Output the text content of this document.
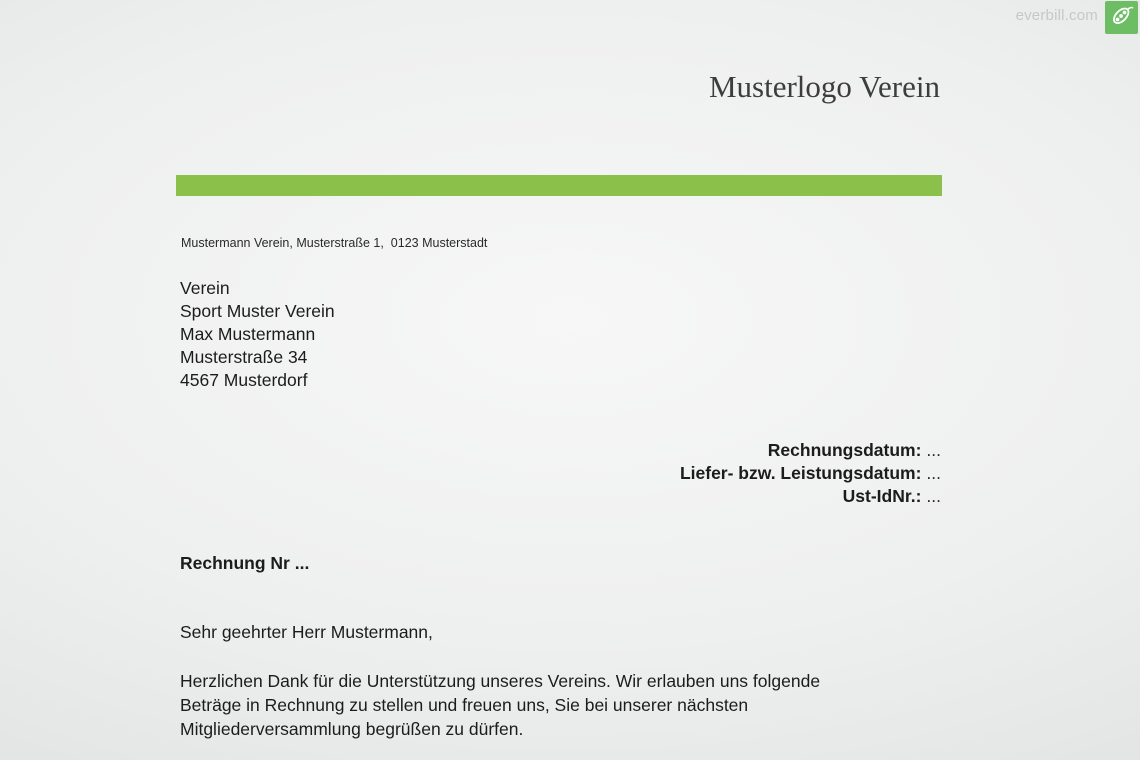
everbill.com
Musterlogo Verein
Mustermann Verein, Musterstraße 1,  0123 Musterstadt
Verein
Sport Muster Verein
Max Mustermann
Musterstraße 34
4567 Musterdorf
Rechnungsdatum: ...
Liefer- bzw. Leistungsdatum: ...
Ust-IdNr.: ...
Rechnung Nr ...
Sehr geehrter Herr Mustermann,
Herzlichen Dank für die Unterstützung unseres Vereins. Wir erlauben uns folgende
Beträge in Rechnung zu stellen und freuen uns, Sie bei unserer nächsten
Mitgliederversammlung begrüßen zu dürfen.
